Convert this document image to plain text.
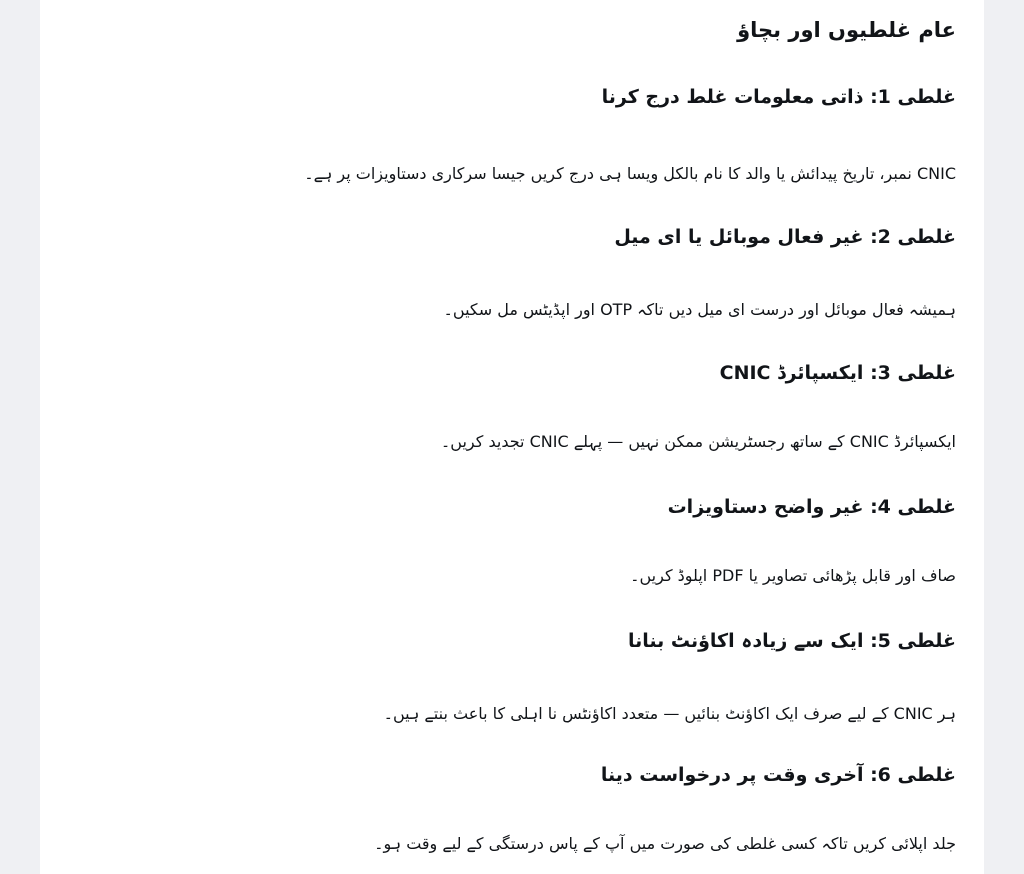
عام غلطیوں اور بچاؤ
غلطی 1: ذاتی معلومات غلط درج کرنا

CNIC نمبر، تاریخ پیدائش یا والد کا نام بالکل ویسا ہی درج کریں جیسا سرکاری دستاویزات پر ہے۔

غلطی 2: غیر فعال موبائل یا ای میل

ہمیشہ فعال موبائل اور درست ای میل دیں تاکہ OTP اور اپڈیٹس مل سکیں۔

غلطی 3: ایکسپائرڈ CNIC

ایکسپائرڈ CNIC کے ساتھ رجسٹریشن ممکن نہیں — پہلے CNIC تجدید کریں۔

غلطی 4: غیر واضح دستاویزات

صاف اور قابل پڑھائی تصاویر یا PDF اپلوڈ کریں۔

غلطی 5: ایک سے زیادہ اکاؤنٹ بنانا

ہر CNIC کے لیے صرف ایک اکاؤنٹ بنائیں — متعدد اکاؤنٹس نا اہلی کا باعث بنتے ہیں۔

غلطی 6: آخری وقت پر درخواست دینا

جلد اپلائی کریں تاکہ کسی غلطی کی صورت میں آپ کے پاس درستگی کے لیے وقت ہو۔
